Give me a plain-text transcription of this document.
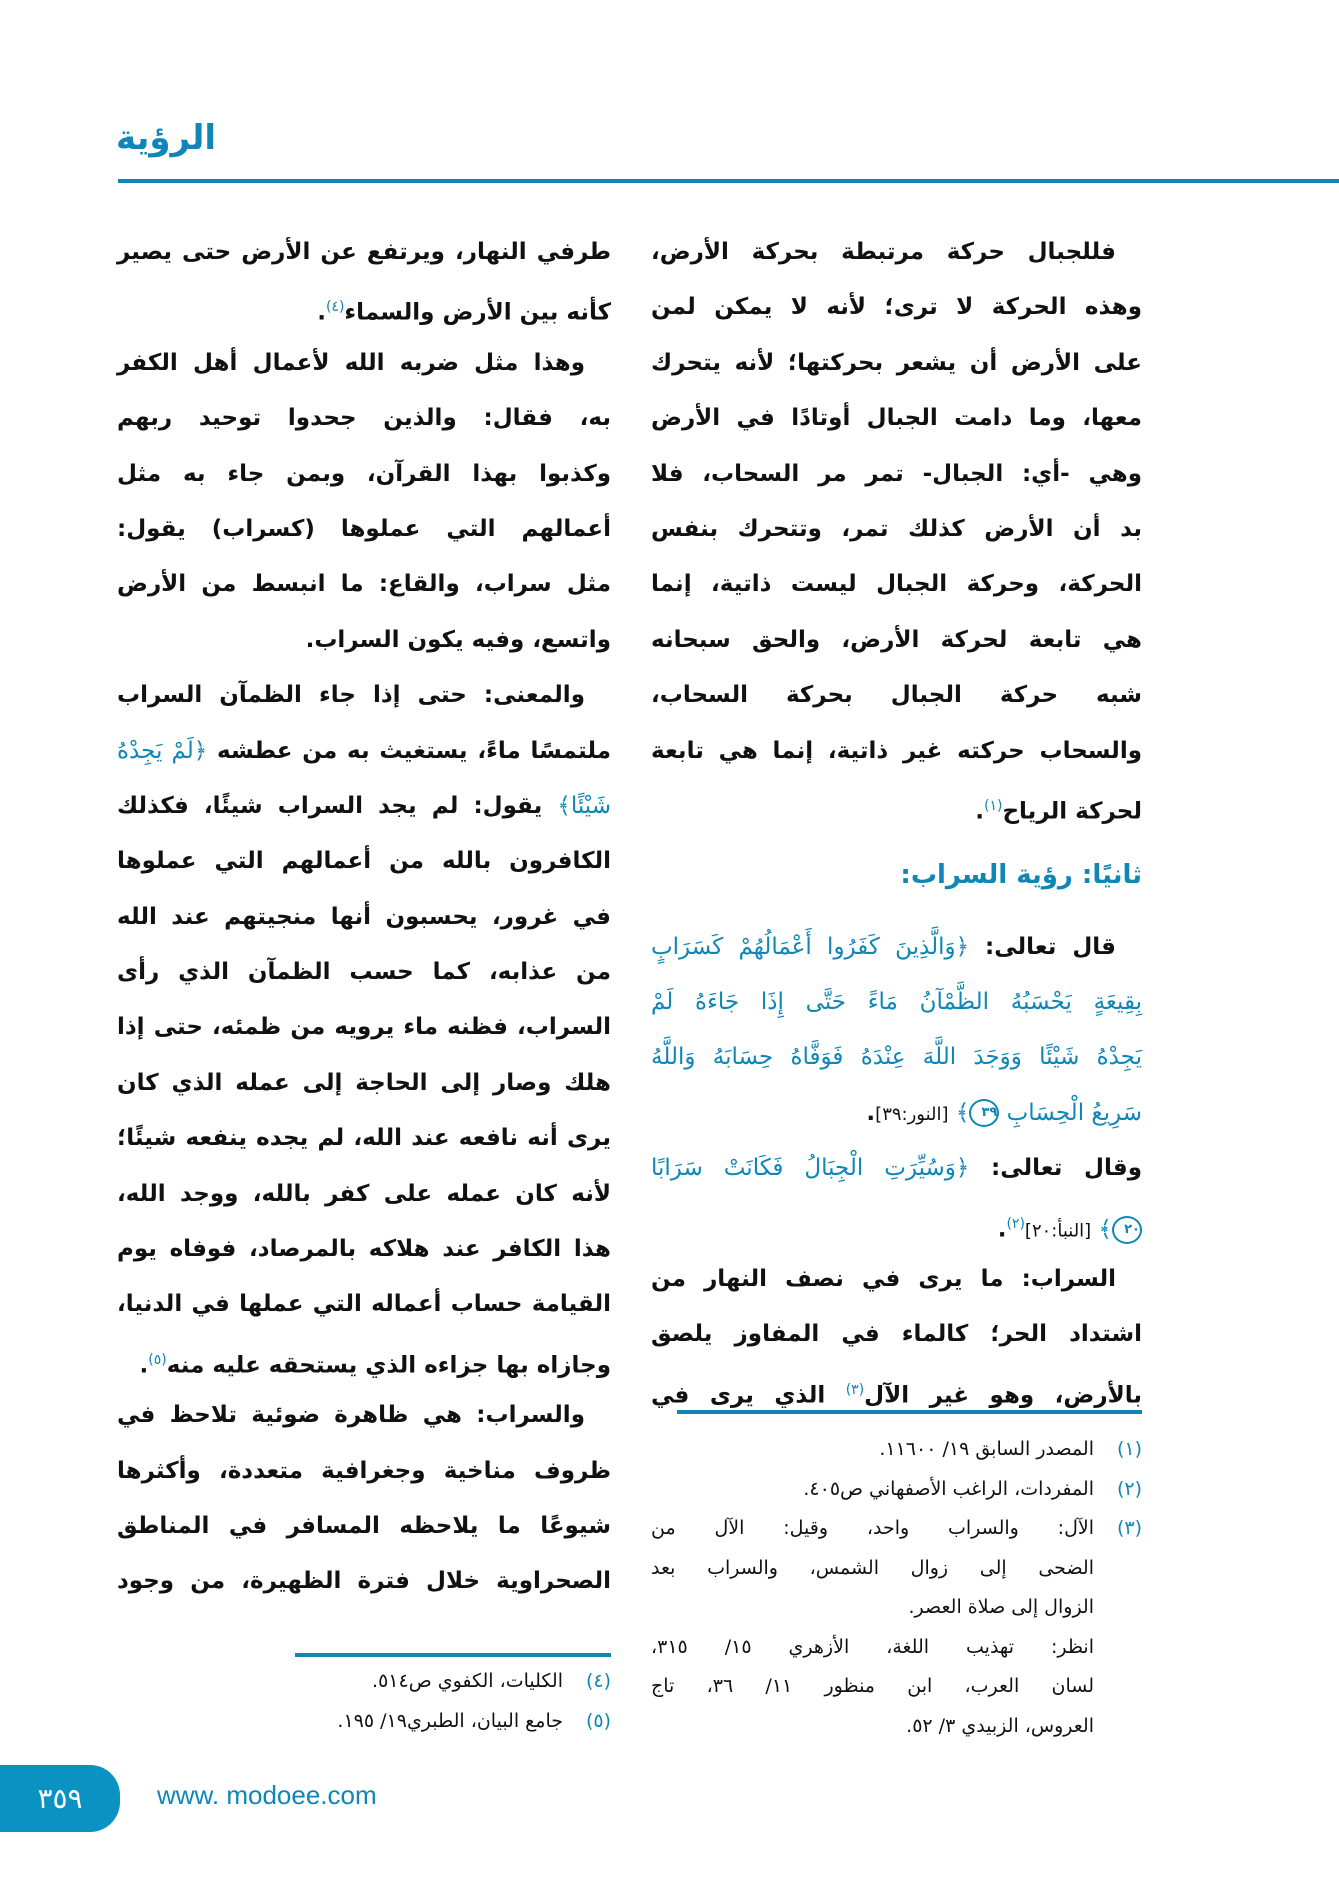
الرؤية
فللجبال حركة مرتبطة بحركة الأرض،
وهذه الحركة لا ترى؛ لأنه لا يمكن لمن
على الأرض أن يشعر بحركتها؛ لأنه يتحرك
معها، وما دامت الجبال أوتادًا في الأرض
وهي -أي: الجبال- تمر مر السحاب، فلا
بد أن الأرض كذلك تمر، وتتحرك بنفس
الحركة، وحركة الجبال ليست ذاتية، إنما
هي تابعة لحركة الأرض، والحق سبحانه
شبه حركة الجبال بحركة السحاب،
والسحاب حركته غير ذاتية، إنما هي تابعة
لحركة الرياح$^{(١)}$.
ثانيًا: رؤية السراب:
قال تعالى: ﴿وَالَّذِينَ كَفَرُوا أَعْمَالُهُمْ كَسَرَابٍ
بِقِيعَةٍ يَحْسَبُهُ الظَّمْآنُ مَاءً حَتَّى إِذَا جَاءَهُ لَمْ
يَجِدْهُ شَيْئًا وَوَجَدَ اللَّهَ عِنْدَهُ فَوَفَّاهُ حِسَابَهُ وَاللَّهُ
سَرِيعُ الْحِسَابِ ٣٩﴾ [النور:٣٩].
وقال تعالى: ﴿وَسُيِّرَتِ الْجِبَالُ فَكَانَتْ سَرَابًا
٢٠﴾ [النبأ:٢٠]$^{(٢)}$.
السراب: ما يرى في نصف النهار من
اشتداد الحر؛ كالماء في المفاوز يلصق
بالأرض، وهو غير الآل$^{(٣)}$ الذي يرى في
طرفي النهار، ويرتفع عن الأرض حتى يصير
كأنه بين الأرض والسماء$^{(٤)}$.
وهذا مثل ضربه الله لأعمال أهل الكفر
به، فقال: والذين جحدوا توحيد ربهم
وكذبوا بهذا القرآن، وبمن جاء به مثل
أعمالهم التي عملوها (كسراب) يقول:
مثل سراب، والقاع: ما انبسط من الأرض
واتسع، وفيه يكون السراب.
والمعنى: حتى إذا جاء الظمآن السراب
ملتمسًا ماءً، يستغيث به من عطشه ﴿لَمْ يَجِدْهُ
شَيْئًا﴾ يقول: لم يجد السراب شيئًا، فكذلك
الكافرون بالله من أعمالهم التي عملوها
في غرور، يحسبون أنها منجيتهم عند الله
من عذابه، كما حسب الظمآن الذي رأى
السراب، فظنه ماء يرويه من ظمئه، حتى إذا
هلك وصار إلى الحاجة إلى عمله الذي كان
يرى أنه نافعه عند الله، لم يجده ينفعه شيئًا؛
لأنه كان عمله على كفر بالله، ووجد الله،
هذا الكافر عند هلاكه بالمرصاد، فوفاه يوم
القيامة حساب أعماله التي عملها في الدنيا،
وجازاه بها جزاءه الذي يستحقه عليه منه$^{(٥)}$.
والسراب: هي ظاهرة ضوئية تلاحظ في
ظروف مناخية وجغرافية متعددة، وأكثرها
شيوعًا ما يلاحظه المسافر في المناطق
الصحراوية خلال فترة الظهيرة، من وجود
(١)
المصدر السابق ١٩/ ١١٦٠٠.
(٢)
المفردات، الراغب الأصفهاني ص٤٠٥.
(٣)
الآل: والسراب واحد، وقيل: الآل من
الضحى إلى زوال الشمس، والسراب بعد
الزوال إلى صلاة العصر.
انظر: تهذيب اللغة، الأزهري ١٥/ ٣١٥،
لسان العرب، ابن منظور ١١/ ٣٦، تاج
العروس، الزبيدي ٣/ ٥٢.
(٤)
الكليات، الكفوي ص٥١٤.
(٥)
جامع البيان، الطبري١٩/ ١٩٥.
٣٥٩	www. modoee.com
